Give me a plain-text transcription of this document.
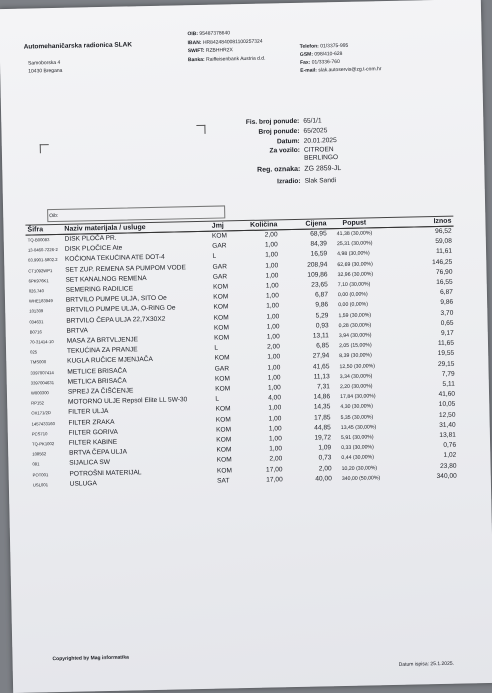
Automehaničarska radionica SLAK
Samoborska 4
10430 Bregana
OIB: 95487378640
IBAN: HR8424840081100257324
SWIFT: RZBHHR2X
Banka: Raiffeisenbank Austria d.d.
Telefon: 01/3375-995
GSM: 098/410-628
Fax: 01/3336-760
E-mail: slak.autoservis@zg.t-com.hr
Fis. broj ponude: 65/1/1
Broj ponude: 65/2025
Datum: 20.01.2025
Za vozilo: CITROEN
BERLINGO
Reg. oznaka: ZG 2859-JL
Izradio: Slak Sandi
Oib:
Šifra	Naziv materijala / usluge	Jmj	Količina	Cijena	Popust	Iznos
TQ-B00083	DISK PLOČA PR.	KOM	2,00	68,95	41,38 (30,00%)	96,52
13-0460-7226-2	DISK PLOČICE Ate	GAR	1,00	84,39	25,31 (30,00%)	59,08
03.9901-5802.2	KOČIONA TEKUĆINA ATE DOT-4	L	1,00	16,59	4,98 (30,00%)	11,61
CT1092WP1	SET ZUP. REMENA SA PUMPOM VODE	GAR	1,00	208,94	62,69 (30,00%)	146,25
6PK976K1	SET KANALNOG REMENA	GAR	1,00	109,86	32,96 (30,00%)	76,90
026.740	SEMERING RADILICE	KOM	1,00	23,65	7,10 (30,00%)	16,55
WHE183949	BRTVILO PUMPE ULJA, SITO Oe	KOM	1,00	6,87	0,00 (0,00%)	6,87
101309	BRTVILO PUMPE ULJA, O-RING Oe	KOM	1,00	9,86	0,00 (0,00%)	9,86
034631	BRTVILO ČEPA ULJA 22,7X30X2	KOM	1,00	5,29	1,59 (30,00%)	3,70
B0716	BRTVA	KOM	1,00	0,93	0,28 (30,00%)	0,65
70-31414-10	MASA ZA BRTVLJENJE	KOM	1,00	13,11	3,94 (30,00%)	9,17
025	TEKUĆINA ZA PRANJE	L	2,00	6,85	2,05 (15,00%)	11,65
TMS000	KUGLA RUČICE MJENJAČA	KOM	1,00	27,94	8,39 (30,00%)	19,55
3397007414	METLICE BRISAČA	GAR	1,00	41,65	12,50 (30,00%)	29,15
3397004631	METLICA BRISAČA	KOM	1,00	11,13	3,34 (30,00%)	7,79
W000300	SPREJ ZA ČIŠĆENJE	KOM	1,00	7,31	2,20 (30,00%)	5,11
RP152	MOTORNO ULJE Repsol Elite LL 5W-30	L	4,00	14,86	17,84 (30,00%)	41,60
OX171/2D	FILTER ULJA	KOM	1,00	14,35	4,30 (30,00%)	10,05
1457433160	FILTER ZRAKA	KOM	1,00	17,85	5,35 (30,00%)	12,50
PCS710	FILTER GORIVA	KOM	1,00	44,85	13,45 (30,00%)	31,40
TQ-PK1002	FILTER KABINE	KOM	1,00	19,72	5,91 (30,00%)	13,81
108562	BRTVA ČEPA ULJA	KOM	1,00	1,09	0,33 (30,00%)	0,76
081	SIJALICA SW	KOM	2,00	0,73	0,44 (30,00%)	1,02
POT001	POTROŠNI MATERIJAL	KOM	17,00	2,00	10,20 (30,00%)	23,80
USL001	USLUGA	SAT	17,00	40,00	340,00 (50,00%)	340,00
Copyrighted by Mag informatika
Datum ispisa: 25.1.2025.
